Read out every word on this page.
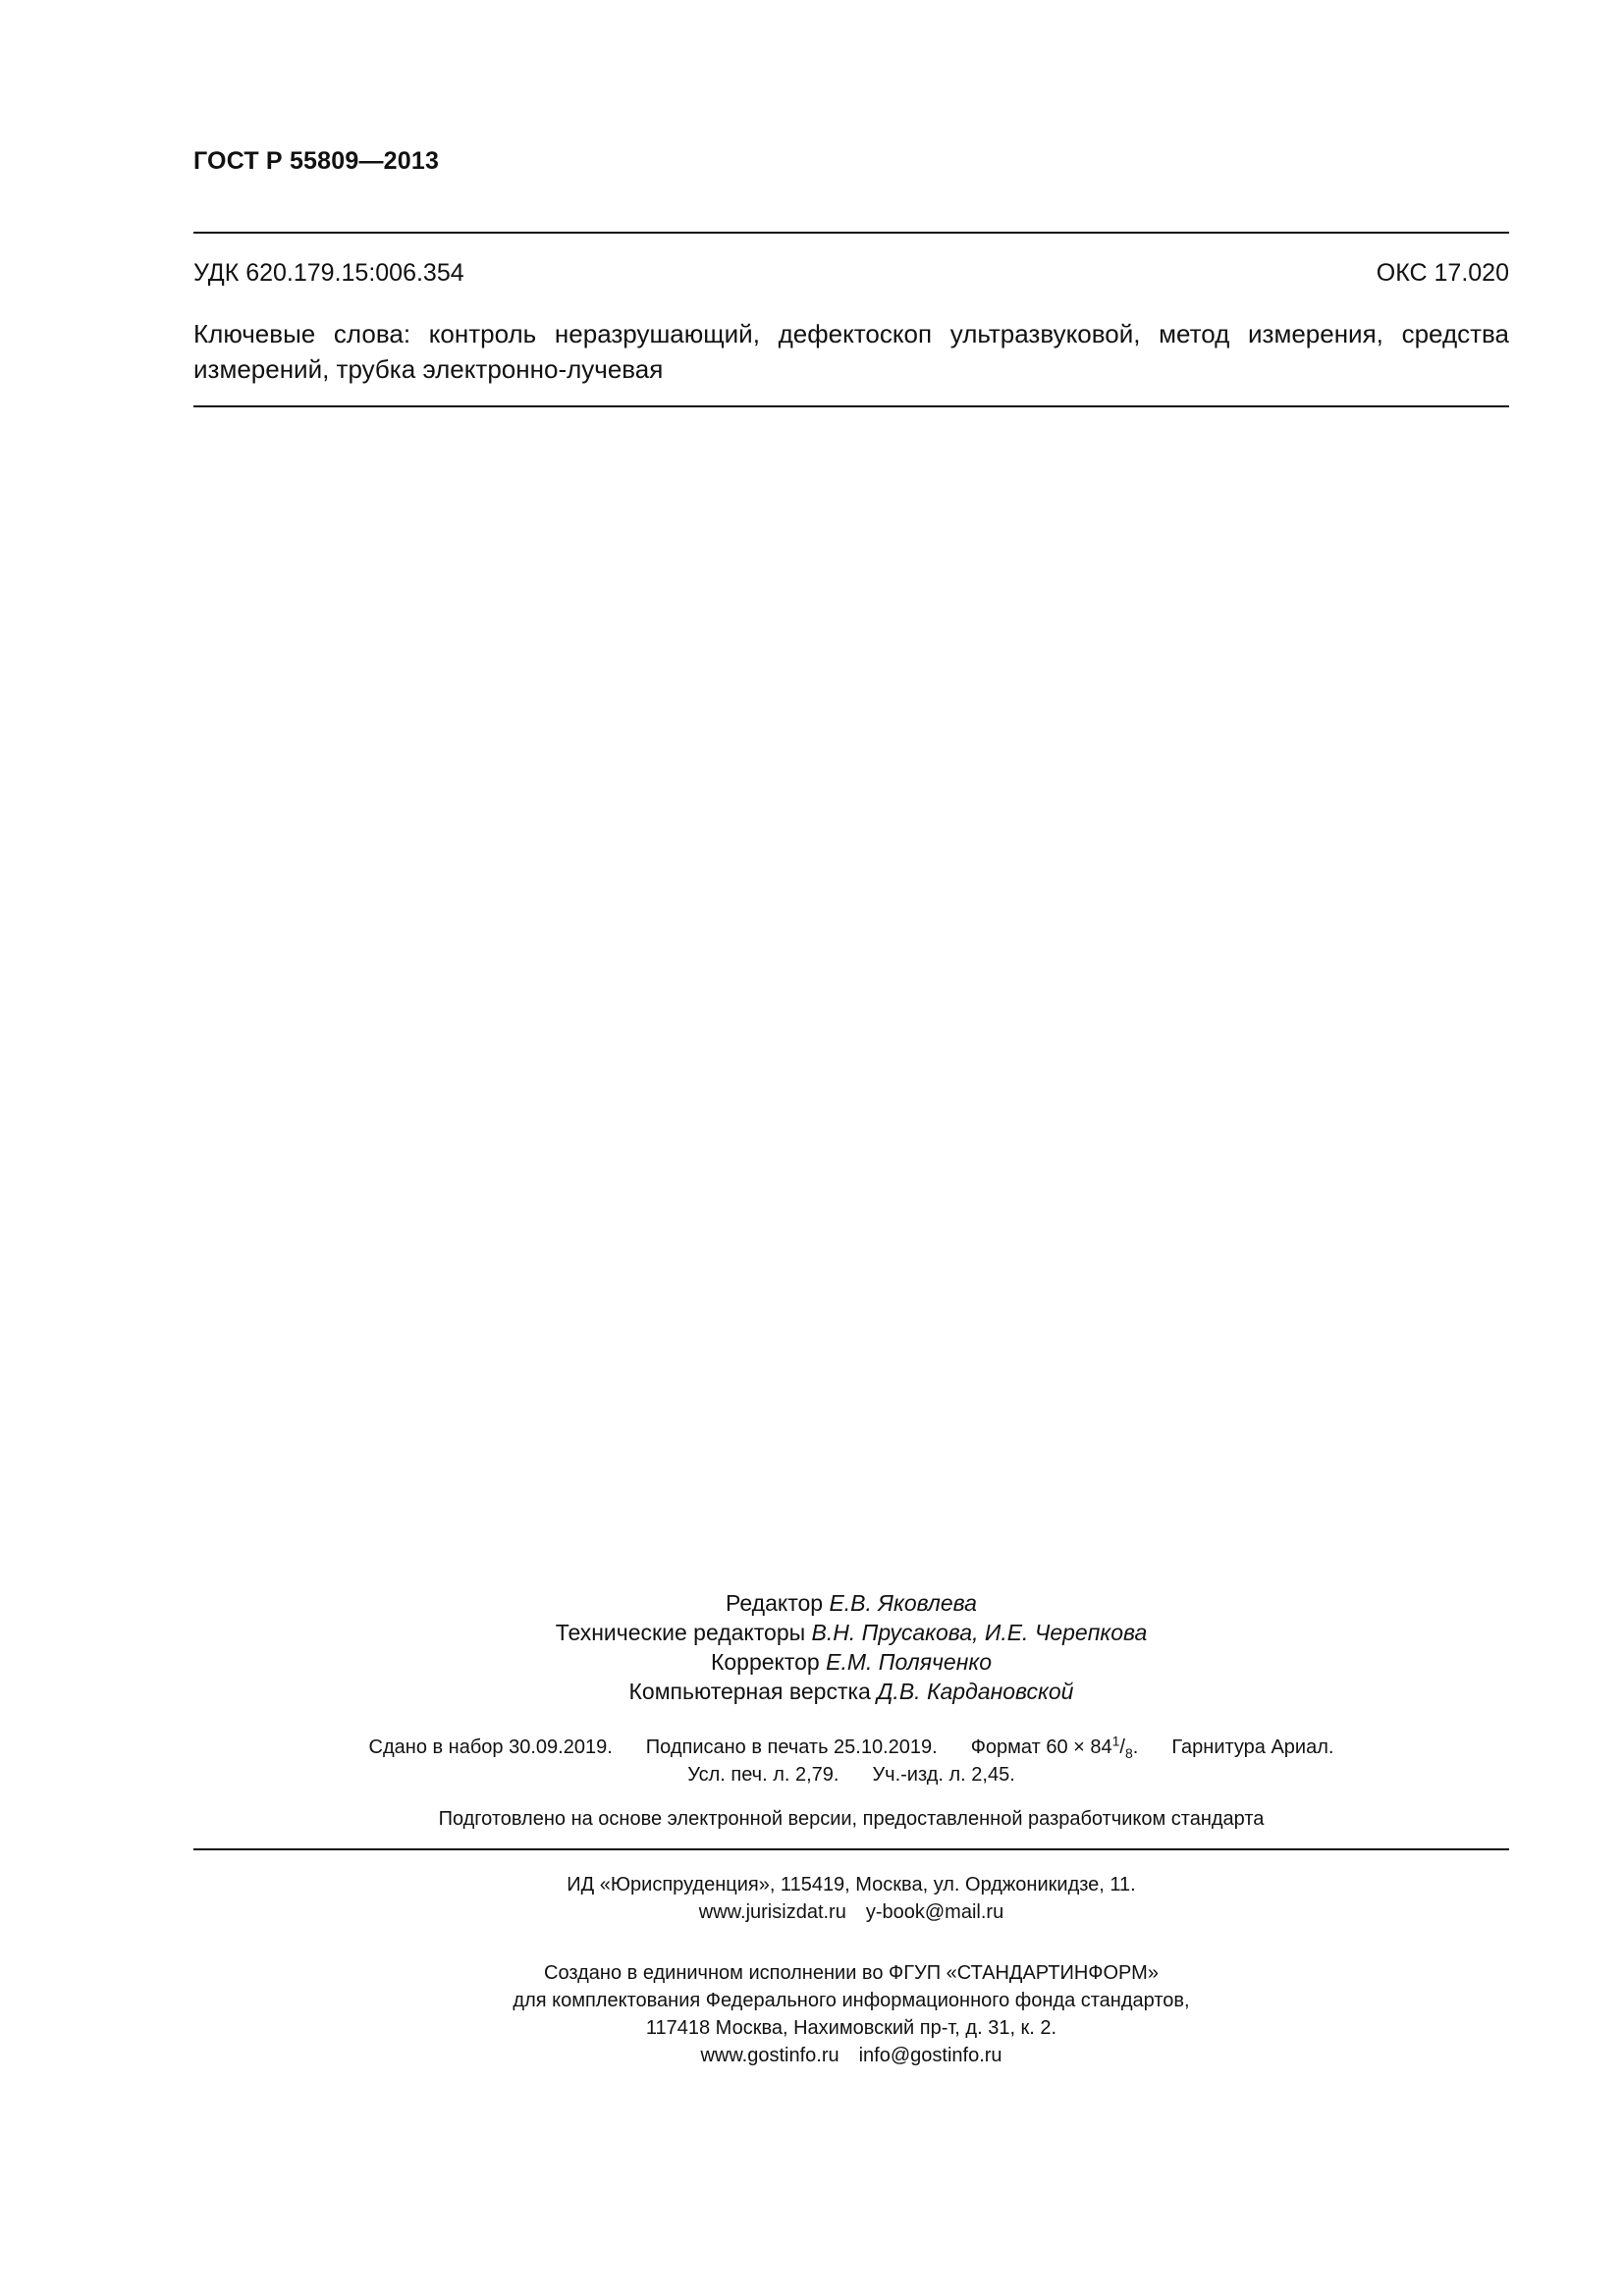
ГОСТ Р 55809—2013
УДК 620.179.15:006.354	ОКС 17.020
Ключевые слова: контроль неразрушающий, дефектоскоп ультразвуковой, метод измерения, средства измерений, трубка электронно-лучевая
Редактор Е.В. Яковлева
Технические редакторы В.Н. Прусакова, И.Е. Черепкова
Корректор Е.М. Поляченко
Компьютерная верстка Д.В. Кардановской
Сдано в набор 30.09.2019. Подписано в печать 25.10.2019. Формат $60 \times 84^1/_8$. Гарнитура Ариал.
Усл. печ. л. 2,79. Уч.-изд. л. 2,45.
Подготовлено на основе электронной версии, предоставленной разработчиком стандарта
ИД «Юриспруденция», 115419, Москва, ул. Орджоникидзе, 11.
www.jurisizdat.ru y-book@mail.ru
Создано в единичном исполнении во ФГУП «СТАНДАРТИНФОРМ»
для комплектования Федерального информационного фонда стандартов,
117418 Москва, Нахимовский пр-т, д. 31, к. 2.
www.gostinfo.ru info@gostinfo.ru
